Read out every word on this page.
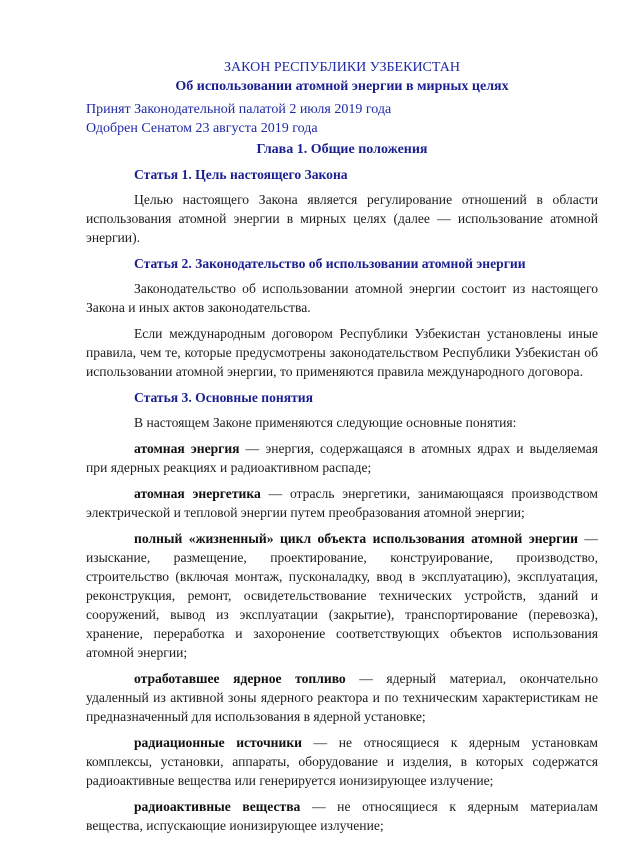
ЗАКОН РЕСПУБЛИКИ УЗБЕКИСТАН
Об использовании атомной энергии в мирных целях
Принят Законодательной палатой 2 июля 2019 года
Одобрен Сенатом 23 августа 2019 года
Глава 1. Общие положения
Статья 1. Цель настоящего Закона

Целью настоящего Закона является регулирование отношений в области использования атомной энергии в мирных целях (далее — использование атомной энергии).

Статья 2. Законодательство об использовании атомной энергии

Законодательство об использовании атомной энергии состоит из настоящего Закона и иных актов законодательства.

Если международным договором Республики Узбекистан установлены иные правила, чем те, которые предусмотрены законодательством Республики Узбекистан об использовании атомной энергии, то применяются правила международного договора.

Статья 3. Основные понятия

В настоящем Законе применяются следующие основные понятия:

атомная энергия — энергия, содержащаяся в атомных ядрах и выделяемая при ядерных реакциях и радиоактивном распаде;

атомная энергетика — отрасль энергетики, занимающаяся производством электрической и тепловой энергии путем преобразования атомной энергии;

полный «жизненный» цикл объекта использования атомной энергии — изыскание, размещение, проектирование, конструирование, производство, строительство (включая монтаж, пусконаладку, ввод в эксплуатацию), эксплуатация, реконструкция, ремонт, освидетельствование технических устройств, зданий и сооружений, вывод из эксплуатации (закрытие), транспортирование (перевозка), хранение, переработка и захоронение соответствующих объектов использования атомной энергии;

отработавшее ядерное топливо — ядерный материал, окончательно удаленный из активной зоны ядерного реактора и по техническим характеристикам не предназначенный для использования в ядерной установке;

радиационные источники — не относящиеся к ядерным установкам комплексы, установки, аппараты, оборудование и изделия, в которых содержатся радиоактивные вещества или генерируется ионизирующее излучение;

радиоактивные вещества — не относящиеся к ядерным материалам вещества, испускающие ионизирующее излучение;
